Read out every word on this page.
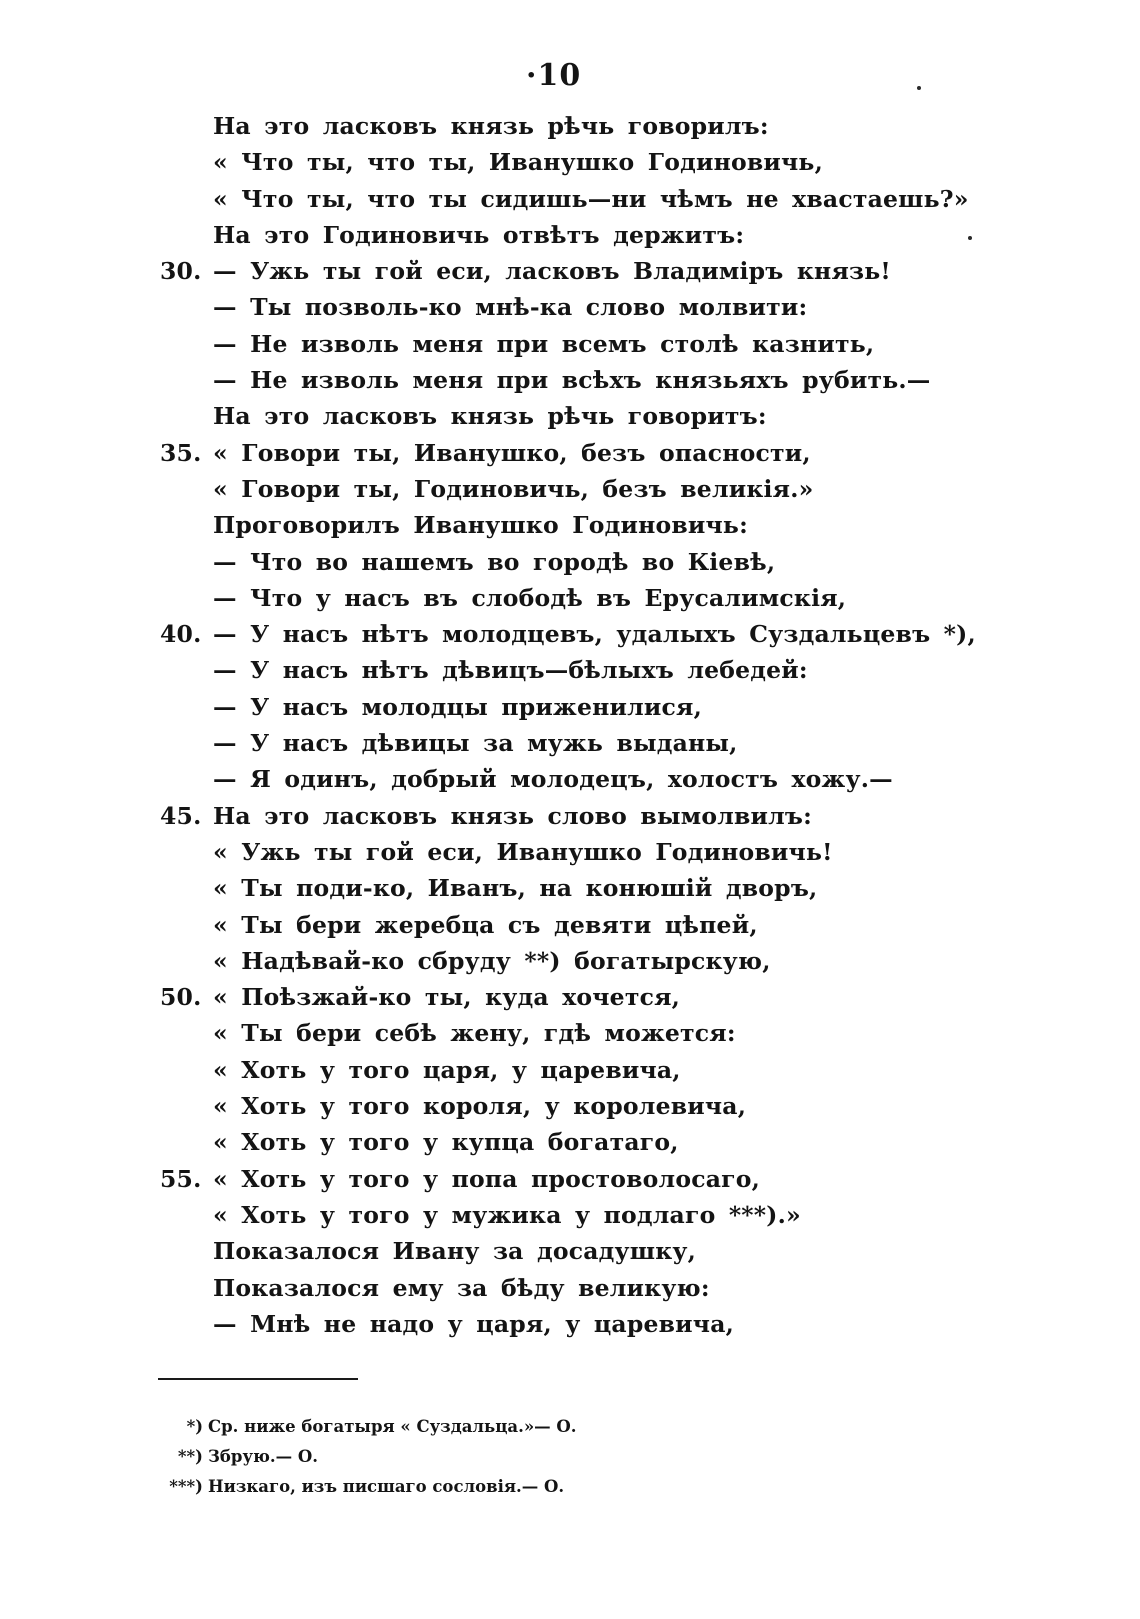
·10
На это ласковъ князь рѣчь говорилъ:
« Что ты, что ты, Иванушко Годиновичь,
« Что ты, что ты сидишь—ни чѣмъ не хвастаешь?»
На это Годиновичь отвѣтъ держитъ:
30. — Ужь ты гой еси, ласковъ Владиміръ князь!
— Ты позволь-ко мнѣ-ка слово молвити:
— Не изволь меня при всемъ столѣ казнить,
— Не изволь меня при всѣхъ князьяхъ рубить.—
На это ласковъ князь рѣчь говоритъ:
35. « Говори ты, Иванушко, безъ опасности,
« Говори ты, Годиновичь, безъ великія.»
Проговорилъ Иванушко Годиновичь:
— Что во нашемъ во городѣ во Кіевѣ,
— Что у насъ въ слободѣ въ Ерусалимскія,
40. — У насъ нѣтъ молодцевъ, удалыхъ Суздальцевъ *),
— У насъ нѣтъ дѣвицъ—бѣлыхъ лебедей:
— У насъ молодцы приженилися,
— У насъ дѣвицы за мужь выданы,
— Я одинъ, добрый молодецъ, холостъ хожу.—
45. На это ласковъ князь слово вымолвилъ:
« Ужь ты гой еси, Иванушко Годиновичь!
« Ты поди-ко, Иванъ, на конюшій дворъ,
« Ты бери жеребца съ девяти цѣпей,
« Надѣвай-ко сбруду **) богатырскую,
50. « Поѣзжай-ко ты, куда хочется,
« Ты бери себѣ жену, гдѣ можется:
« Хоть у того царя, у царевича,
« Хоть у того короля, у королевича,
« Хоть у того у купца богатаго,
55. « Хоть у того у попа простоволосаго,
« Хоть у того у мужика у подлаго ***).»
Показалося Ивану за досадушку,
Показалося ему за бѣду великую:
— Мнѣ не надо у царя, у царевича,
*) Ср. ниже богатыря « Суздальца.»— О.
**) Збрую.— О.
***) Низкаго, изъ писшаго сословія.— О.
